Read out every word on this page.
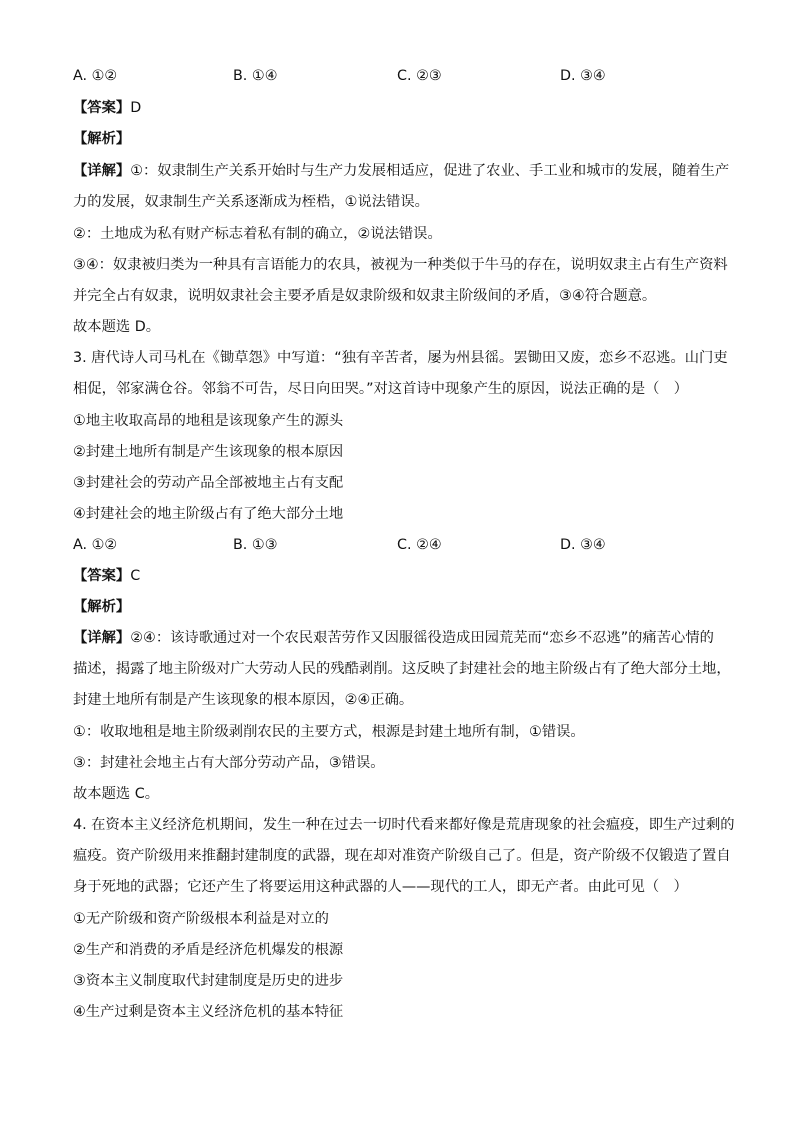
A. ①②	B. ①④	C. ②③	D. ③④
【答案】D
【解析】
【详解】①：奴隶制生产关系开始时与生产力发展相适应，促进了农业、手工业和城市的发展，随着生产
力的发展，奴隶制生产关系逐渐成为桎梏，①说法错误。
②：土地成为私有财产标志着私有制的确立，②说法错误。
③④：奴隶被归类为一种具有言语能力的农具，被视为一种类似于牛马的存在，说明奴隶主占有生产资料
并完全占有奴隶，说明奴隶社会主要矛盾是奴隶阶级和奴隶主阶级间的矛盾，③④符合题意。
故本题选 D。
3. 唐代诗人司马札在《锄草怨》中写道：“独有辛苦者，屡为州县徭。罢锄田又废，恋乡不忍逃。山门吏
相促，邻家满仓谷。邻翁不可告，尽日向田哭。”对这首诗中现象产生的原因，说法正确的是（　）
①地主收取高昂的地租是该现象产生的源头
②封建土地所有制是产生该现象的根本原因
③封建社会的劳动产品全部被地主占有支配
④封建社会的地主阶级占有了绝大部分土地
A. ①②	B. ①③	C. ②④	D. ③④
【答案】C
【解析】
【详解】②④：该诗歌通过对一个农民艰苦劳作又因服徭役造成田园荒芜而“恋乡不忍逃”的痛苦心情的
描述，揭露了地主阶级对广大劳动人民的残酷剥削。这反映了封建社会的地主阶级占有了绝大部分土地，
封建土地所有制是产生该现象的根本原因，②④正确。
①：收取地租是地主阶级剥削农民的主要方式，根源是封建土地所有制，①错误。
③：封建社会地主占有大部分劳动产品，③错误。
故本题选 C。
4. 在资本主义经济危机期间，发生一种在过去一切时代看来都好像是荒唐现象的社会瘟疫，即生产过剩的
瘟疫。资产阶级用来推翻封建制度的武器，现在却对准资产阶级自己了。但是，资产阶级不仅锻造了置自
身于死地的武器；它还产生了将要运用这种武器的人——现代的工人，即无产者。由此可见（　）
①无产阶级和资产阶级根本利益是对立的
②生产和消费的矛盾是经济危机爆发的根源
③资本主义制度取代封建制度是历史的进步
④生产过剩是资本主义经济危机的基本特征
